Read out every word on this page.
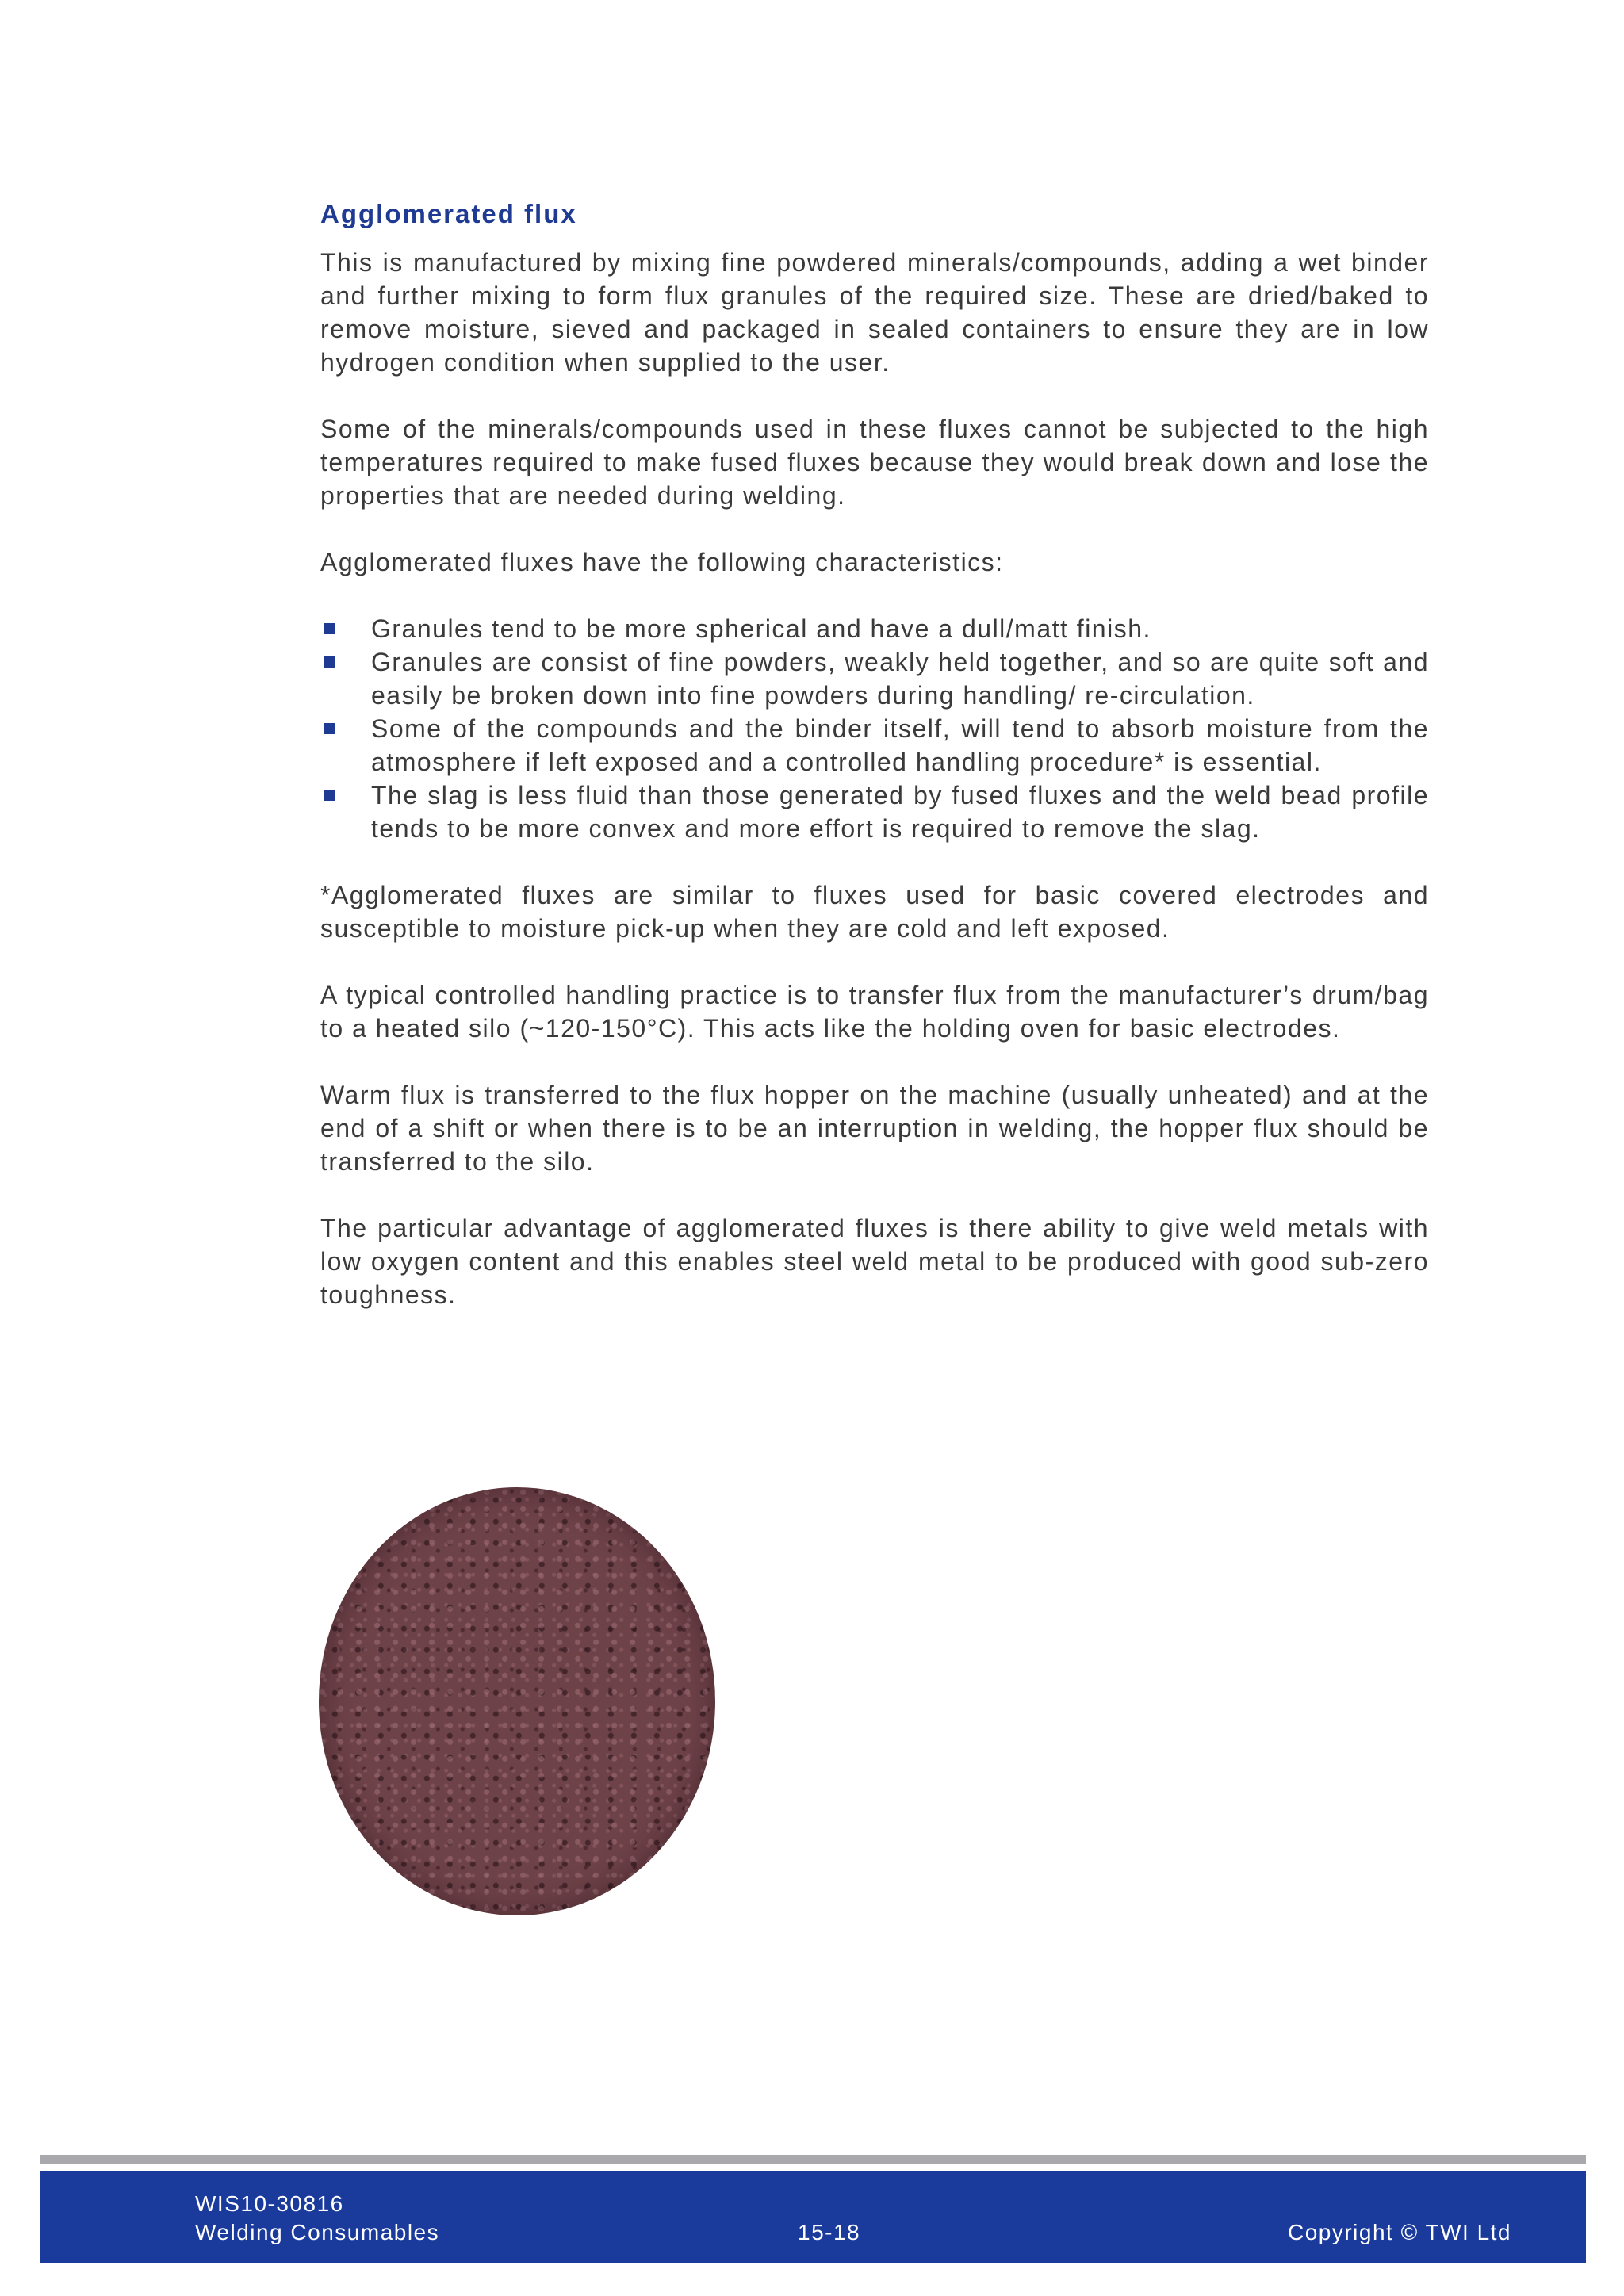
Agglomerated flux

This is manufactured by mixing fine powdered minerals/compounds, adding a wet binder and further mixing to form flux granules of the required size. These are dried/baked to remove moisture, sieved and packaged in sealed containers to ensure they are in low hydrogen condition when supplied to the user.

Some of the minerals/compounds used in these fluxes cannot be subjected to the high temperatures required to make fused fluxes because they would break down and lose the properties that are needed during welding.

Agglomerated fluxes have the following characteristics:

Granules tend to be more spherical and have a dull/matt finish.
Granules are consist of fine powders, weakly held together, and so are quite soft and easily be broken down into fine powders during handling/ re-circulation.
Some of the compounds and the binder itself, will tend to absorb moisture from the atmosphere if left exposed and a controlled handling procedure* is essential.
The slag is less fluid than those generated by fused fluxes and the weld bead profile tends to be more convex and more effort is required to remove the slag.

*Agglomerated fluxes are similar to fluxes used for basic covered electrodes and susceptible to moisture pick-up when they are cold and left exposed.

A typical controlled handling practice is to transfer flux from the manufacturer’s drum/bag to a heated silo (~120-150°C). This acts like the holding oven for basic electrodes.

Warm flux is transferred to the flux hopper on the machine (usually unheated) and at the end of a shift or when there is to be an interruption in welding, the hopper flux should be transferred to the silo.

The particular advantage of agglomerated fluxes is there ability to give weld metals with low oxygen content and this enables steel weld metal to be produced with good sub-zero toughness.

WIS10-30816
Welding Consumables	15-18	Copyright © TWI Ltd
